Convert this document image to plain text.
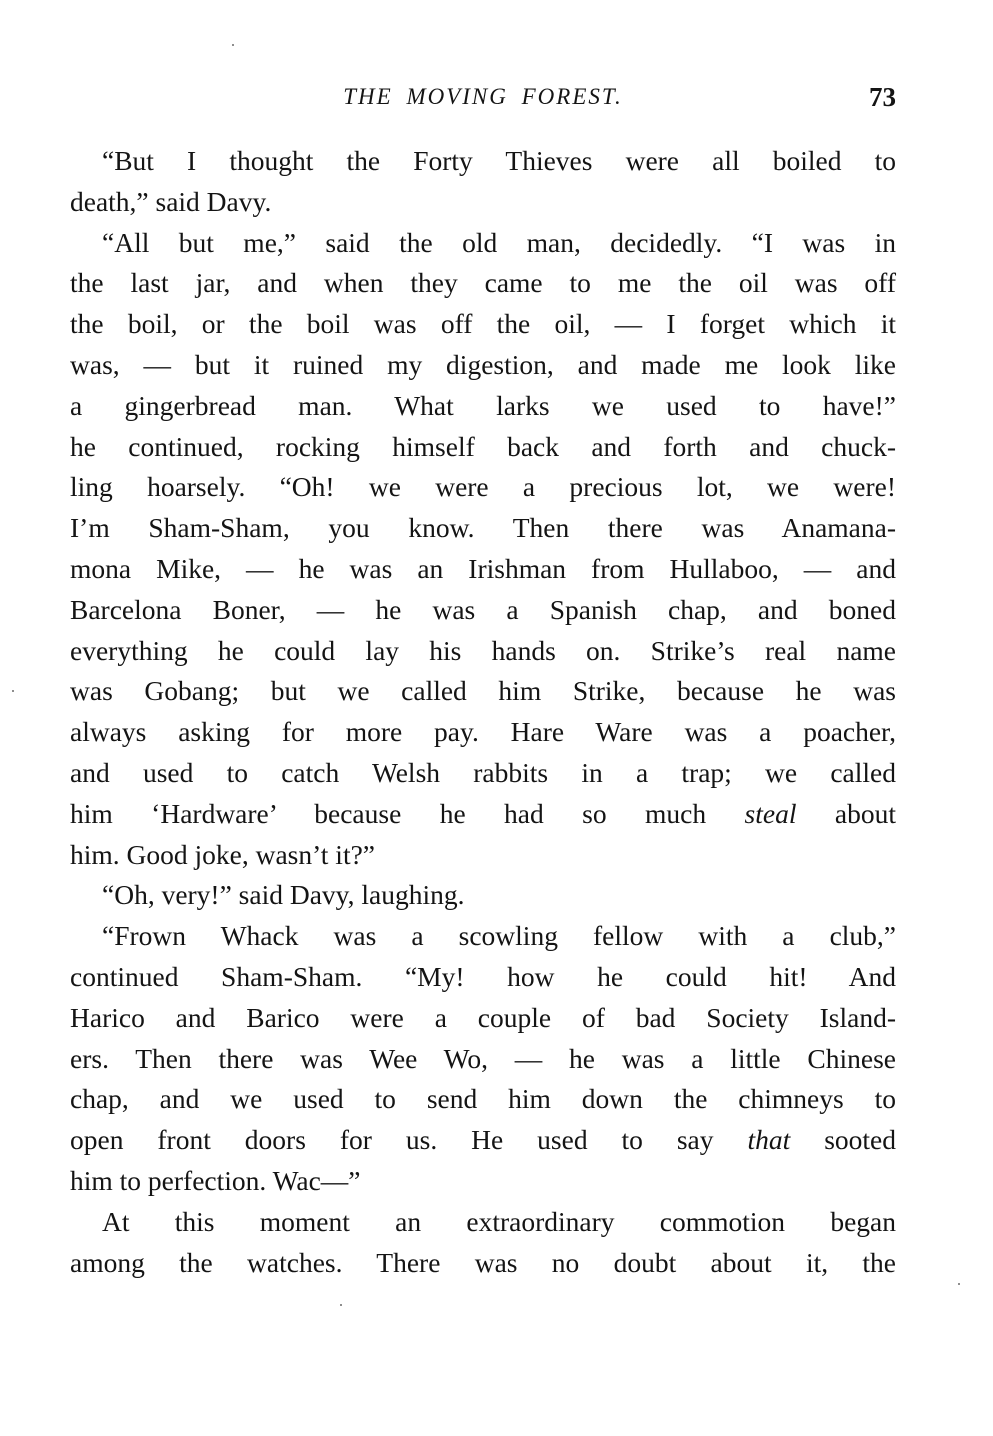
THE MOVING FOREST.	73
“But I thought the Forty Thieves were all boiled to
death,” said Davy.
“All but me,” said the old man, decidedly. “I was in
the last jar, and when they came to me the oil was off
the boil, or the boil was off the oil, — I forget which it
was, — but it ruined my digestion, and made me look like
a gingerbread man. What larks we used to have!”
he continued, rocking himself back and forth and chuck-
ling hoarsely. “Oh! we were a precious lot, we were!
I’m Sham-Sham, you know. Then there was Anamana-
mona Mike, — he was an Irishman from Hullaboo, — and
Barcelona Boner, — he was a Spanish chap, and boned
everything he could lay his hands on. Strike’s real name
was Gobang; but we called him Strike, because he was
always asking for more pay. Hare Ware was a poacher,
and used to catch Welsh rabbits in a trap; we called
him ‘Hardware’ because he had so much steal about
him. Good joke, wasn’t it?”
“Oh, very!” said Davy, laughing.
“Frown Whack was a scowling fellow with a club,”
continued Sham-Sham. “My! how he could hit! And
Harico and Barico were a couple of bad Society Island-
ers. Then there was Wee Wo, — he was a little Chinese
chap, and we used to send him down the chimneys to
open front doors for us. He used to say that sooted
him to perfection. Wac—”
At this moment an extraordinary commotion began
among the watches. There was no doubt about it, the
